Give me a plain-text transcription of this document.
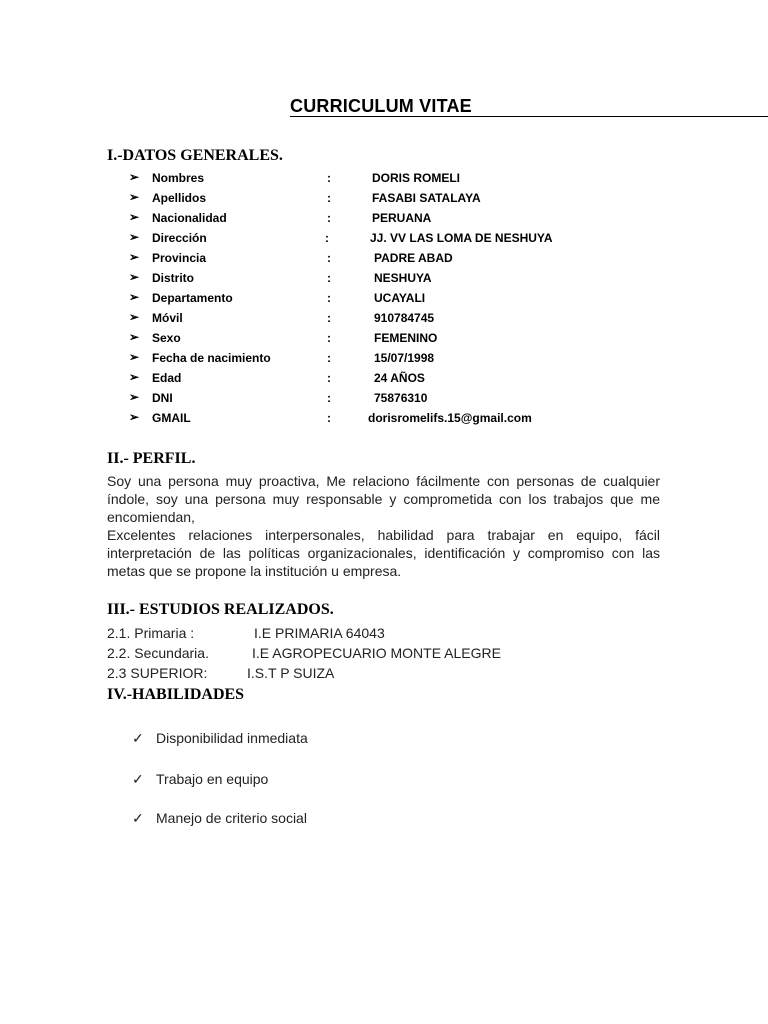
CURRICULUM VITAE
I.-DATOS GENERALES.
➢ Nombres	:	DORIS ROMELI
➢ Apellidos	:	FASABI SATALAYA
➢ Nacionalidad	:	PERUANA
➢ Dirección	:	JJ. VV LAS LOMA DE NESHUYA
➢ Provincia	:	PADRE ABAD
➢ Distrito	:	NESHUYA
➢ Departamento	:	UCAYALI
➢ Móvil	:	910784745
➢ Sexo	:	FEMENINO
➢ Fecha de nacimiento	:	15/07/1998
➢ Edad	:	24 AÑOS
➢ DNI	:	75876310
➢ GMAIL	:	dorisromelifs.15@gmail.com
II.- PERFIL.

Soy una persona muy proactiva, Me relaciono fácilmente con personas de cualquier índole, soy una persona muy responsable y comprometida con los trabajos que me encomiendan,

Excelentes relaciones interpersonales, habilidad para trabajar en equipo, fácil interpretación de las políticas organizacionales, identificación y compromiso con las metas que se propone la institución u empresa.

III.- ESTUDIOS REALIZADOS.
2.1. Primaria :	I.E PRIMARIA 64043
2.2. Secundaria.	I.E AGROPECUARIO MONTE ALEGRE
2.3 SUPERIOR:	I.S.T P SUIZA
IV.-HABILIDADES
✓ Disponibilidad inmediata
✓ Trabajo en equipo
✓ Manejo de criterio social
